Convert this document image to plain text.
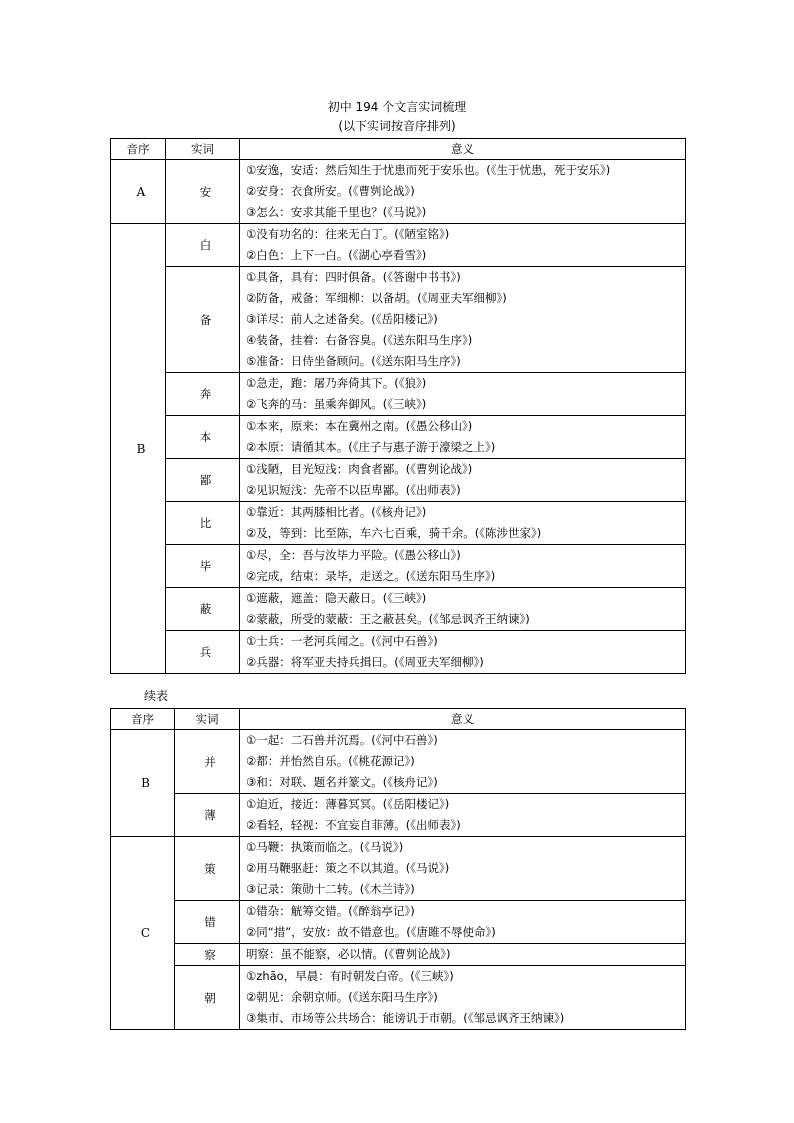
初中 194 个文言实词梳理
(以下实词按音序排列)
音序	实词	意义
A	安	①安逸，安适：然后知生于忧患而死于安乐也。(《生于忧患，死于安乐》)
②安身：衣食所安。(《曹刿论战》)
③怎么：安求其能千里也？(《马说》)

B	白	①没有功名的：往来无白丁。(《陋室铭》)
②白色：上下一白。(《湖心亭看雪》)

	备	①具备，具有：四时俱备。(《答谢中书书》)
②防备，戒备：军细柳：以备胡。(《周亚夫军细柳》)
③详尽：前人之述备矣。(《岳阳楼记》)
④装备，挂着：右备容臭。(《送东阳马生序》)
⑤准备：日侍坐备顾问。(《送东阳马生序》)

	奔	①急走，跑：屠乃奔倚其下。(《狼》)
②飞奔的马：虽乘奔御风。(《三峡》)

	本	①本来，原来：本在冀州之南。(《愚公移山》)
②本原：请循其本。(《庄子与惠子游于濠梁之上》)

	鄙	①浅陋，目光短浅：肉食者鄙。(《曹刿论战》)
②见识短浅：先帝不以臣卑鄙。(《出师表》)

	比	①靠近：其两膝相比者。(《核舟记》)
②及，等到：比至陈，车六七百乘，骑千余。(《陈涉世家》)

	毕	①尽，全：吾与汝毕力平险。(《愚公移山》)
②完成，结束：录毕，走送之。(《送东阳马生序》)

	蔽	①遮蔽，遮盖：隐天蔽日。(《三峡》)
②蒙蔽，所受的蒙蔽：王之蔽甚矣。(《邹忌讽齐王纳谏》)

	兵	①士兵：一老河兵闻之。(《河中石兽》)
②兵器：将军亚夫持兵揖曰。(《周亚夫军细柳》)
续表
音序	实词	意义
B	并	①一起：二石兽并沉焉。(《河中石兽》)
②都：并怡然自乐。(《桃花源记》)
③和：对联、题名并篆文。(《核舟记》)

	薄	①迫近，接近：薄暮冥冥。(《岳阳楼记》)
②看轻，轻视：不宜妄自菲薄。(《出师表》)

C	策	①马鞭：执策而临之。(《马说》)
②用马鞭驱赶：策之不以其道。(《马说》)
③记录：策勋十二转。(《木兰诗》)

	错	①错杂：觥筹交错。(《醉翁亭记》)
②同“措”，安放：故不错意也。(《唐雎不辱使命》)

	察	明察：虽不能察，必以情。(《曹刿论战》)

	朝	①zhāo，早晨：有时朝发白帝。(《三峡》)
②朝见：余朝京师。(《送东阳马生序》)
③集市、市场等公共场合：能谤讥于市朝。(《邹忌讽齐王纳谏》)
